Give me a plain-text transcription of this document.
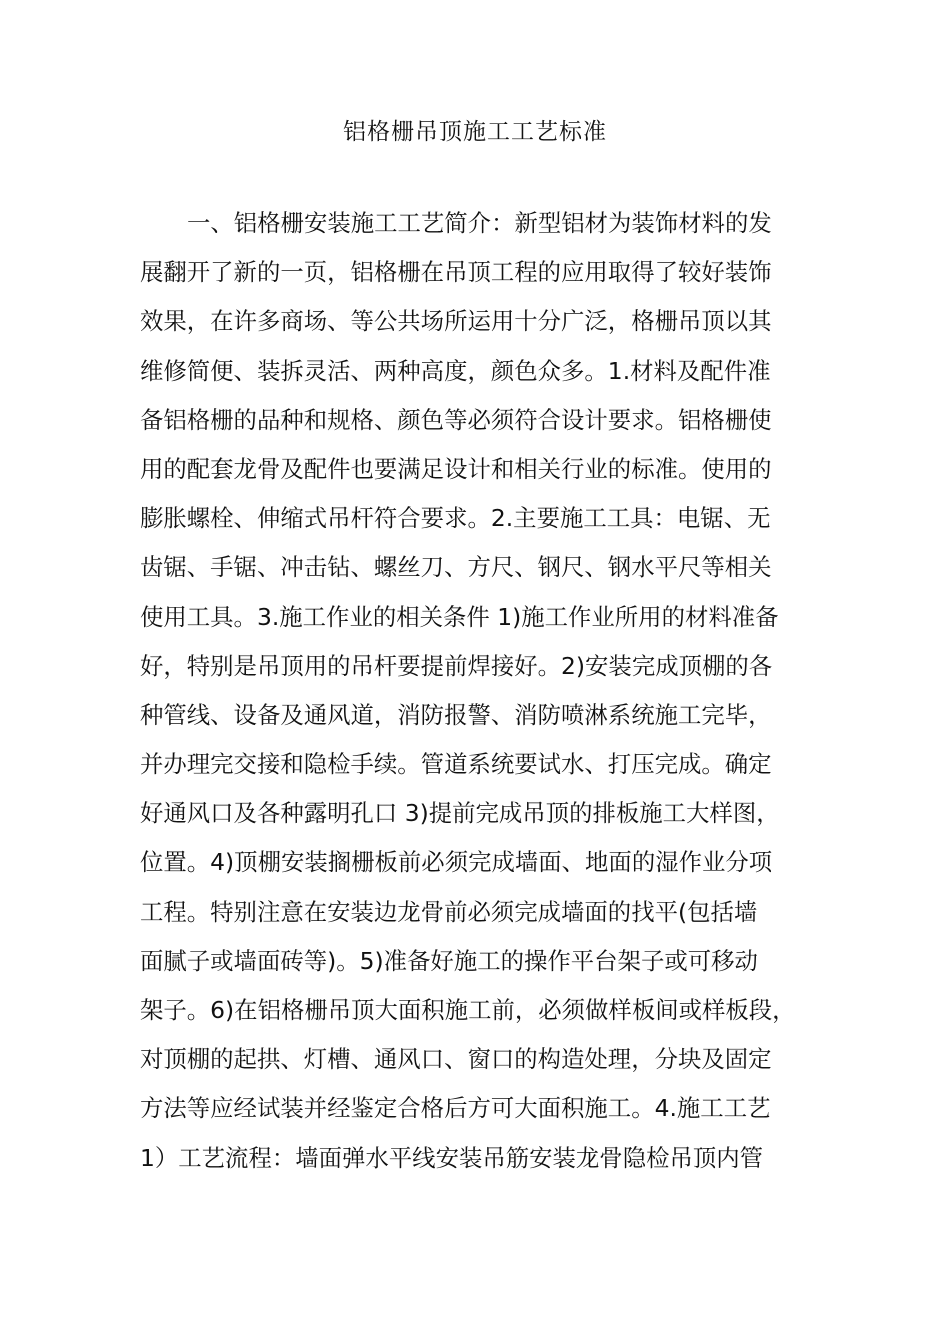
铝格栅吊顶施工工艺标准
一、铝格栅安装施工工艺简介：新型铝材为装饰材料的发
展翻开了新的一页，铝格栅在吊顶工程的应用取得了较好装饰
效果，在许多商场、等公共场所运用十分广泛，格栅吊顶以其
维修简便、装拆灵活、两种高度，颜色众多。1.材料及配件准
备铝格栅的品种和规格、颜色等必须符合设计要求。铝格栅使
用的配套龙骨及配件也要满足设计和相关行业的标准。使用的
膨胀螺栓、伸缩式吊杆符合要求。2.主要施工工具：电锯、无
齿锯、手锯、冲击钻、螺丝刀、方尺、钢尺、钢水平尺等相关
使用工具。3.施工作业的相关条件 1)施工作业所用的材料准备
好，特别是吊顶用的吊杆要提前焊接好。2)安装完成顶棚的各
种管线、设备及通风道，消防报警、消防喷淋系统施工完毕，
并办理完交接和隐检手续。管道系统要试水、打压完成。确定
好通风口及各种露明孔口 3)提前完成吊顶的排板施工大样图，
位置。4)顶棚安装搁栅板前必须完成墙面、地面的湿作业分项
工程。特别注意在安装边龙骨前必须完成墙面的找平(包括墙
面腻子或墙面砖等)。5)准备好施工的操作平台架子或可移动
架子。6)在铝格栅吊顶大面积施工前，必须做样板间或样板段，
对顶棚的起拱、灯槽、通风口、窗口的构造处理，分块及固定
方法等应经试装并经鉴定合格后方可大面积施工。4.施工工艺
1）工艺流程：墙面弹水平线安装吊筋安装龙骨隐检吊顶内管
